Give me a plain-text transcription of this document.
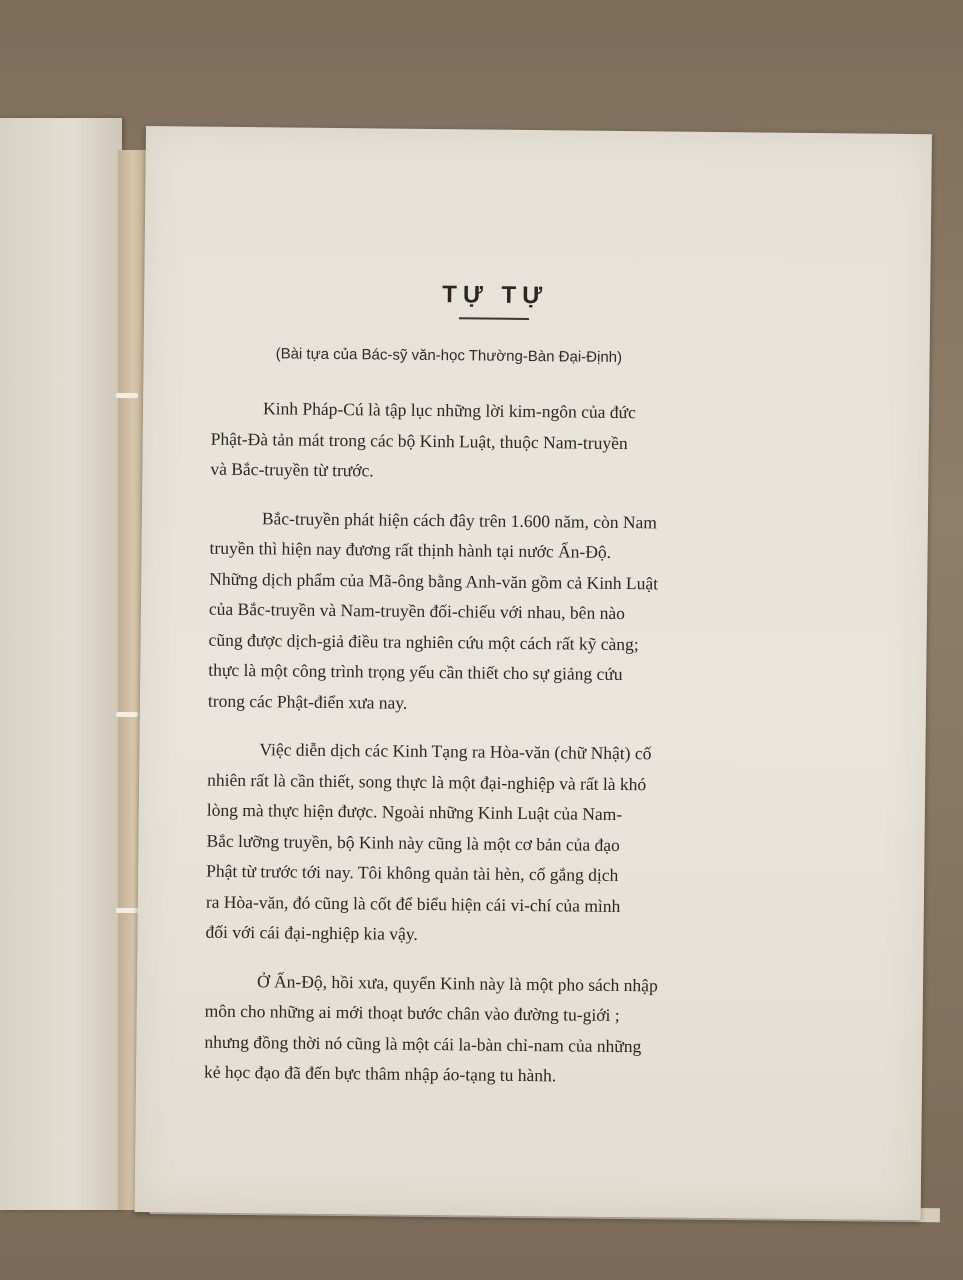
TỰ TỰ
(Bài tựa của Bác-sỹ văn-học Thường-Bàn Đại-Định)

Kinh Pháp-Cú là tập lục những lời kim-ngôn của đức
Phật-Đà tản mát trong các bộ Kinh Luật, thuộc Nam-truyền
và Bắc-truyền từ trước.

Bắc-truyền phát hiện cách đây trên 1.600 năm, còn Nam
truyền thì hiện nay đương rất thịnh hành tại nước Ấn-Độ.
Những dịch phẩm của Mã-ông bằng Anh-văn gồm cả Kinh Luật
của Bắc-truyền và Nam-truyền đối-chiếu với nhau, bên nào
cũng được dịch-giả điều tra nghiên cứu một cách rất kỹ càng;
thực là một công trình trọng yếu cần thiết cho sự giảng cứu
trong các Phật-điển xưa nay.

Việc diễn dịch các Kinh Tạng ra Hòa-văn (chữ Nhật) cố
nhiên rất là cần thiết, song thực là một đại-nghiệp và rất là khó
lòng mà thực hiện được. Ngoài những Kinh Luật của Nam-
Bắc lưỡng truyền, bộ Kinh này cũng là một cơ bản của đạo
Phật từ trước tới nay. Tôi không quản tài hèn, cố gắng dịch
ra Hòa-văn, đó cũng là cốt để biểu hiện cái vi-chí của mình
đối với cái đại-nghiệp kia vậy.

Ở Ấn-Độ, hồi xưa, quyển Kinh này là một pho sách nhập
môn cho những ai mới thoạt bước chân vào đường tu-giới ;
nhưng đồng thời nó cũng là một cái la-bàn chỉ-nam của những
kẻ học đạo đã đến bực thâm nhập áo-tạng tu hành.
